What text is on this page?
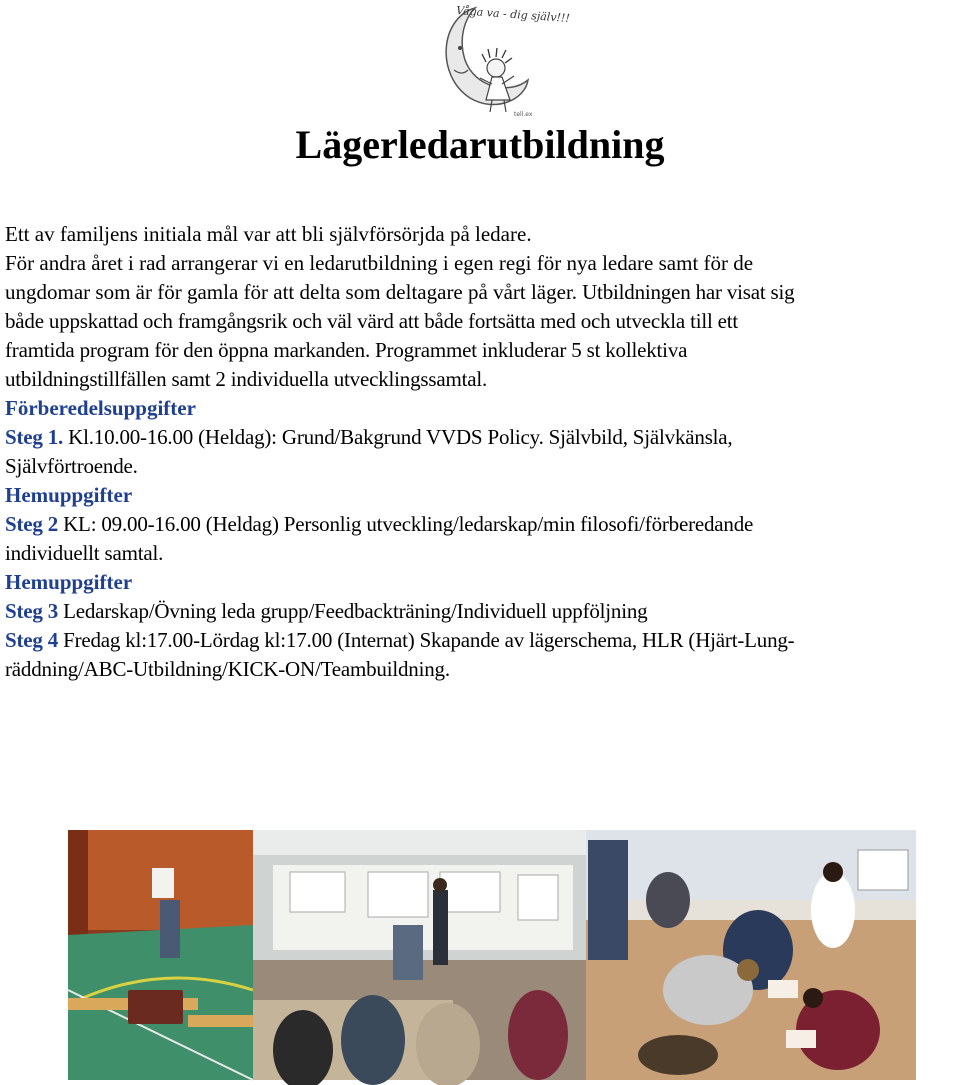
Våga va - dig själv!!!
tell.ex
Lägerledarutbildning

Ett av familjens initiala mål var att bli självförsörjda på ledare.

För andra året i rad arrangerar vi en ledarutbildning i egen regi för nya ledare samt för de

ungdomar som är för gamla för att delta som deltagare på vårt läger. Utbildningen har visat sig

både uppskattad och framgångsrik och väl värd att både fortsätta med och utveckla till ett

framtida program för den öppna markanden. Programmet inkluderar 5 st kollektiva

utbildningstillfällen samt 2 individuella utvecklingssamtal.

Förberedelsuppgifter

Steg 1. Kl.10.00-16.00 (Heldag): Grund/Bakgrund VVDS Policy. Självbild, Självkänsla,

Självförtroende.

Hemuppgifter

Steg 2 KL: 09.00-16.00 (Heldag) Personlig utveckling/ledarskap/min filosofi/förberedande

individuellt samtal.

Hemuppgifter

Steg 3 Ledarskap/Övning leda grupp/Feedbackträning/Individuell uppföljning

Steg 4 Fredag kl:17.00-Lördag kl:17.00 (Internat) Skapande av lägerschema, HLR (Hjärt-Lung-

räddning/ABC-Utbildning/KICK-ON/Teambuildning.
